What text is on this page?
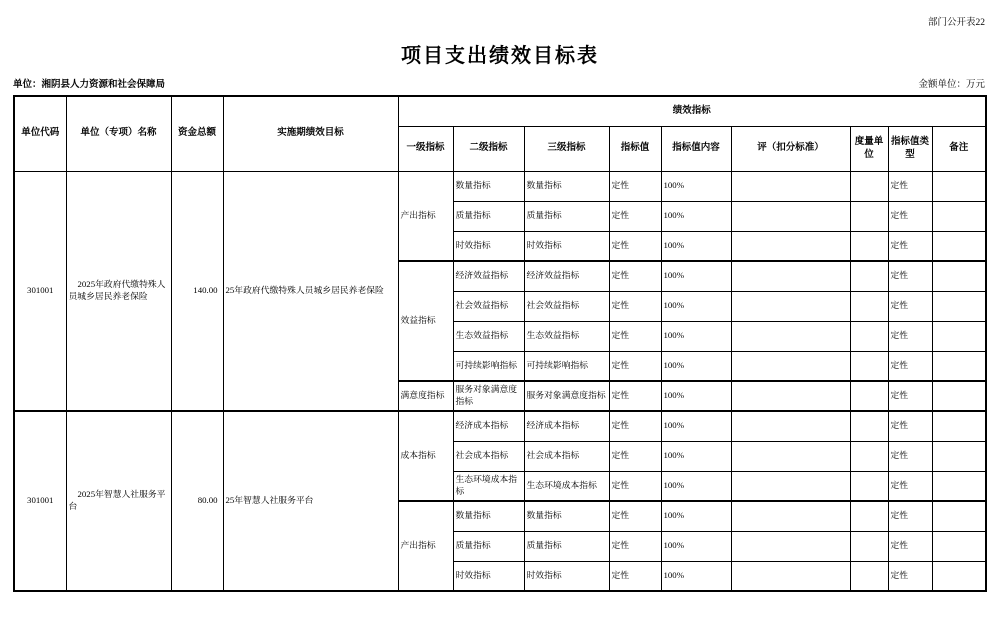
部门公开表22
项目支出绩效目标表
单位：湘阴县人力资源和社会保障局	金额单位：万元
单位代码	单位（专项）名称	资金总额	实施期绩效目标	绩效指标								
				一级指标	二级指标	三级指标	指标值	指标值内容	评（扣分标准）	度量单位	指标值类型	备注
301001	2025年政府代缴特殊人员城乡居民养老保险	140.00	25年政府代缴特殊人员城乡居民养老保险	产出指标	数量指标	数量指标	定性	100%			定性	
					质量指标	质量指标	定性	100%			定性	
					时效指标	时效指标	定性	100%			定性	
				效益指标	经济效益指标	经济效益指标	定性	100%			定性	
					社会效益指标	社会效益指标	定性	100%			定性	
					生态效益指标	生态效益指标	定性	100%			定性	
					可持续影响指标	可持续影响指标	定性	100%			定性	
				满意度指标	服务对象满意度指标	服务对象满意度指标	定性	100%			定性	
301001	2025年智慧人社服务平台	80.00	25年智慧人社服务平台	成本指标	经济成本指标	经济成本指标	定性	100%			定性	
					社会成本指标	社会成本指标	定性	100%			定性	
					生态环境成本指标	生态环境成本指标	定性	100%			定性	
				产出指标	数量指标	数量指标	定性	100%			定性	
					质量指标	质量指标	定性	100%			定性	
					时效指标	时效指标	定性	100%			定性	
